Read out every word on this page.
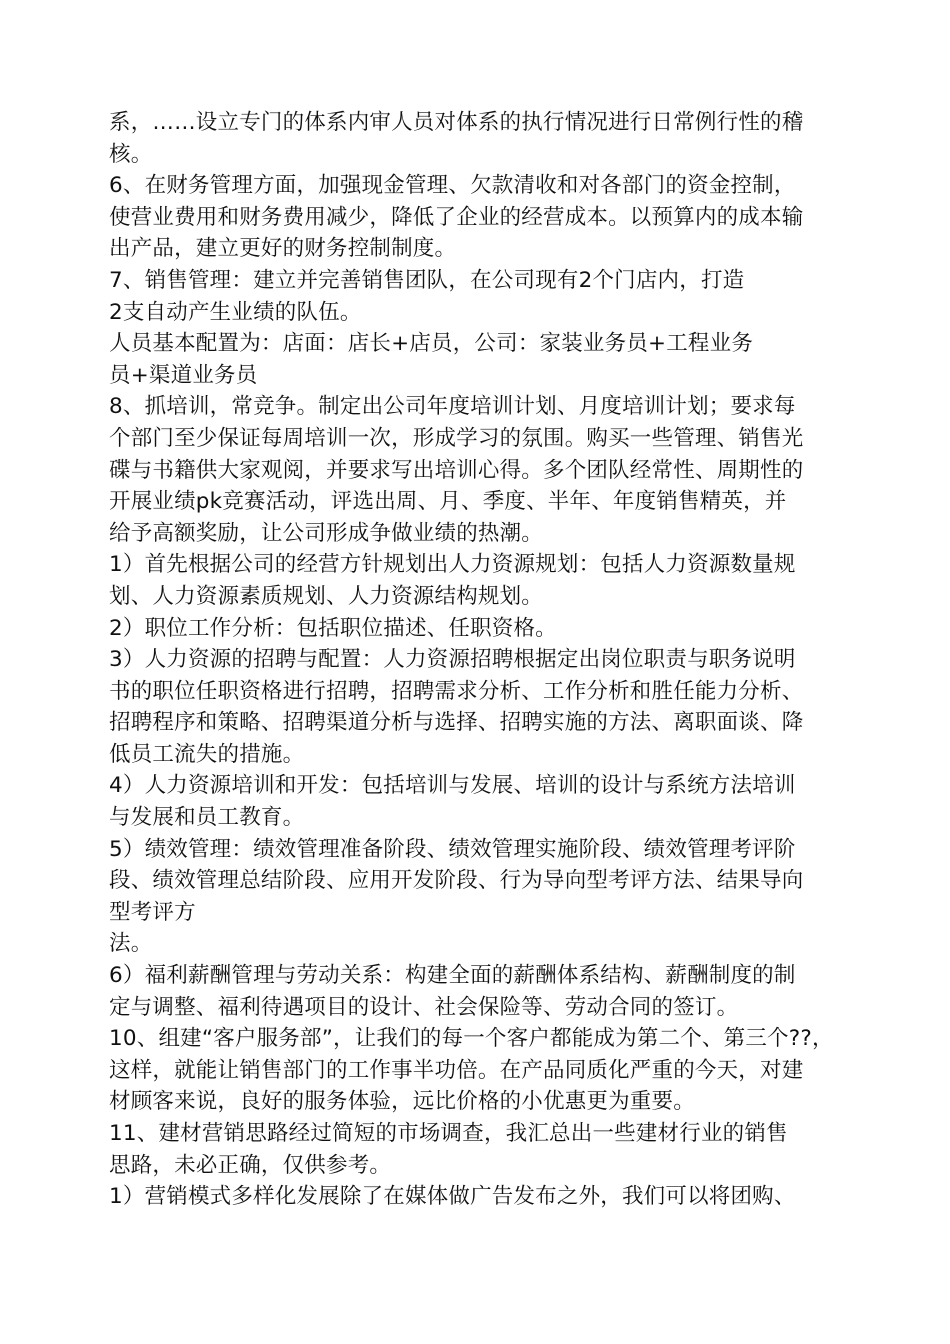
系，……设立专门的体系内审人员对体系的执行情况进行日常例行性的稽
核。
6、在财务管理方面，加强现金管理、欠款清收和对各部门的资金控制，
使营业费用和财务费用减少，降低了企业的经营成本。以预算内的成本输
出产品，建立更好的财务控制制度。
7、销售管理：建立并完善销售团队，在公司现有2个门店内，打造
2支自动产生业绩的队伍。
人员基本配置为：店面：店长+店员，公司：家装业务员+工程业务
员+渠道业务员
8、抓培训，常竞争。制定出公司年度培训计划、月度培训计划；要求每
个部门至少保证每周培训一次，形成学习的氛围。购买一些管理、销售光
碟与书籍供大家观阅，并要求写出培训心得。多个团队经常性、周期性的
开展业绩pk竞赛活动，评选出周、月、季度、半年、年度销售精英，并
给予高额奖励，让公司形成争做业绩的热潮。
1）首先根据公司的经营方针规划出人力资源规划：包括人力资源数量规
划、人力资源素质规划、人力资源结构规划。
2）职位工作分析：包括职位描述、任职资格。
3）人力资源的招聘与配置：人力资源招聘根据定出岗位职责与职务说明
书的职位任职资格进行招聘，招聘需求分析、工作分析和胜任能力分析、
招聘程序和策略、招聘渠道分析与选择、招聘实施的方法、离职面谈、降
低员工流失的措施。
4）人力资源培训和开发：包括培训与发展、培训的设计与系统方法培训
与发展和员工教育。
5）绩效管理：绩效管理准备阶段、绩效管理实施阶段、绩效管理考评阶
段、绩效管理总结阶段、应用开发阶段、行为导向型考评方法、结果导向
型考评方
法。
6）福利薪酬管理与劳动关系：构建全面的薪酬体系结构、薪酬制度的制
定与调整、福利待遇项目的设计、社会保险等、劳动合同的签订。
10、组建“客户服务部”，让我们的每一个客户都能成为第二个、第三个??，
这样，就能让销售部门的工作事半功倍。在产品同质化严重的今天，对建
材顾客来说，良好的服务体验，远比价格的小优惠更为重要。
11、建材营销思路经过简短的市场调查，我汇总出一些建材行业的销售
思路，未必正确，仅供参考。
1）营销模式多样化发展除了在媒体做广告发布之外，我们可以将团购、
